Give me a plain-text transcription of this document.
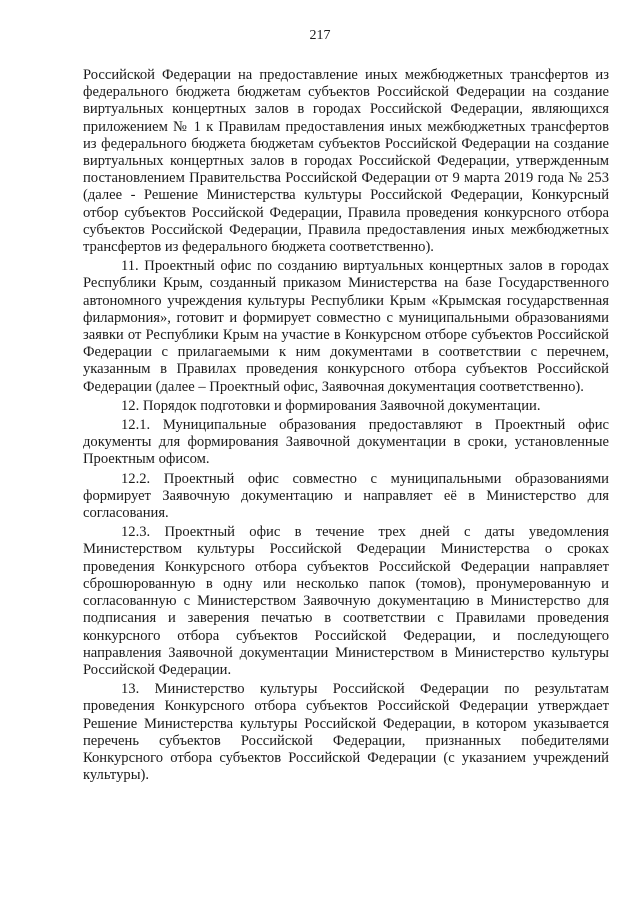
217

Российской Федерации на предоставление иных межбюджетных трансфертов из федерального бюджета бюджетам субъектов Российской Федерации на создание виртуальных концертных залов в городах Российской Федерации, являющихся приложением № 1 к Правилам предоставления иных межбюджетных трансфертов из федерального бюджета бюджетам субъектов Российской Федерации на создание виртуальных концертных залов в городах Российской Федерации, утвержденным постановлением Правительства Российской Федерации от 9 марта 2019 года № 253 (далее - Решение Министерства культуры Российской Федерации, Конкурсный отбор субъектов Российской Федерации, Правила проведения конкурсного отбора субъектов Российской Федерации, Правила предоставления иных межбюджетных трансфертов из федерального бюджета соответственно).

11. Проектный офис по созданию виртуальных концертных залов в городах Республики Крым, созданный приказом Министерства на базе Государственного автономного учреждения культуры Республики Крым «Крымская государственная филармония», готовит и формирует совместно с муниципальными образованиями заявки от Республики Крым на участие в Конкурсном отборе субъектов Российской Федерации с прилагаемыми к ним документами в соответствии с перечнем, указанным в Правилах проведения конкурсного отбора субъектов Российской Федерации (далее – Проектный офис, Заявочная документация соответственно).

12. Порядок подготовки и формирования Заявочной документации.

12.1. Муниципальные образования предоставляют в Проектный офис документы для формирования Заявочной документации в сроки, установленные Проектным офисом.

12.2. Проектный офис совместно с муниципальными образованиями формирует Заявочную документацию и направляет её в Министерство для согласования.

12.3. Проектный офис в течение трех дней с даты уведомления Министерством культуры Российской Федерации Министерства о сроках проведения Конкурсного отбора субъектов Российской Федерации направляет сброшюрованную в одну или несколько папок (томов), пронумерованную и согласованную с Министерством Заявочную документацию в Министерство для подписания и заверения печатью в соответствии с Правилами проведения конкурсного отбора субъектов Российской Федерации, и последующего направления Заявочной документации Министерством в Министерство культуры Российской Федерации.

13. Министерство культуры Российской Федерации по результатам проведения Конкурсного отбора субъектов Российской Федерации утверждает Решение Министерства культуры Российской Федерации, в котором указывается перечень субъектов Российской Федерации, признанных победителями Конкурсного отбора субъектов Российской Федерации (с указанием учреждений культуры).
